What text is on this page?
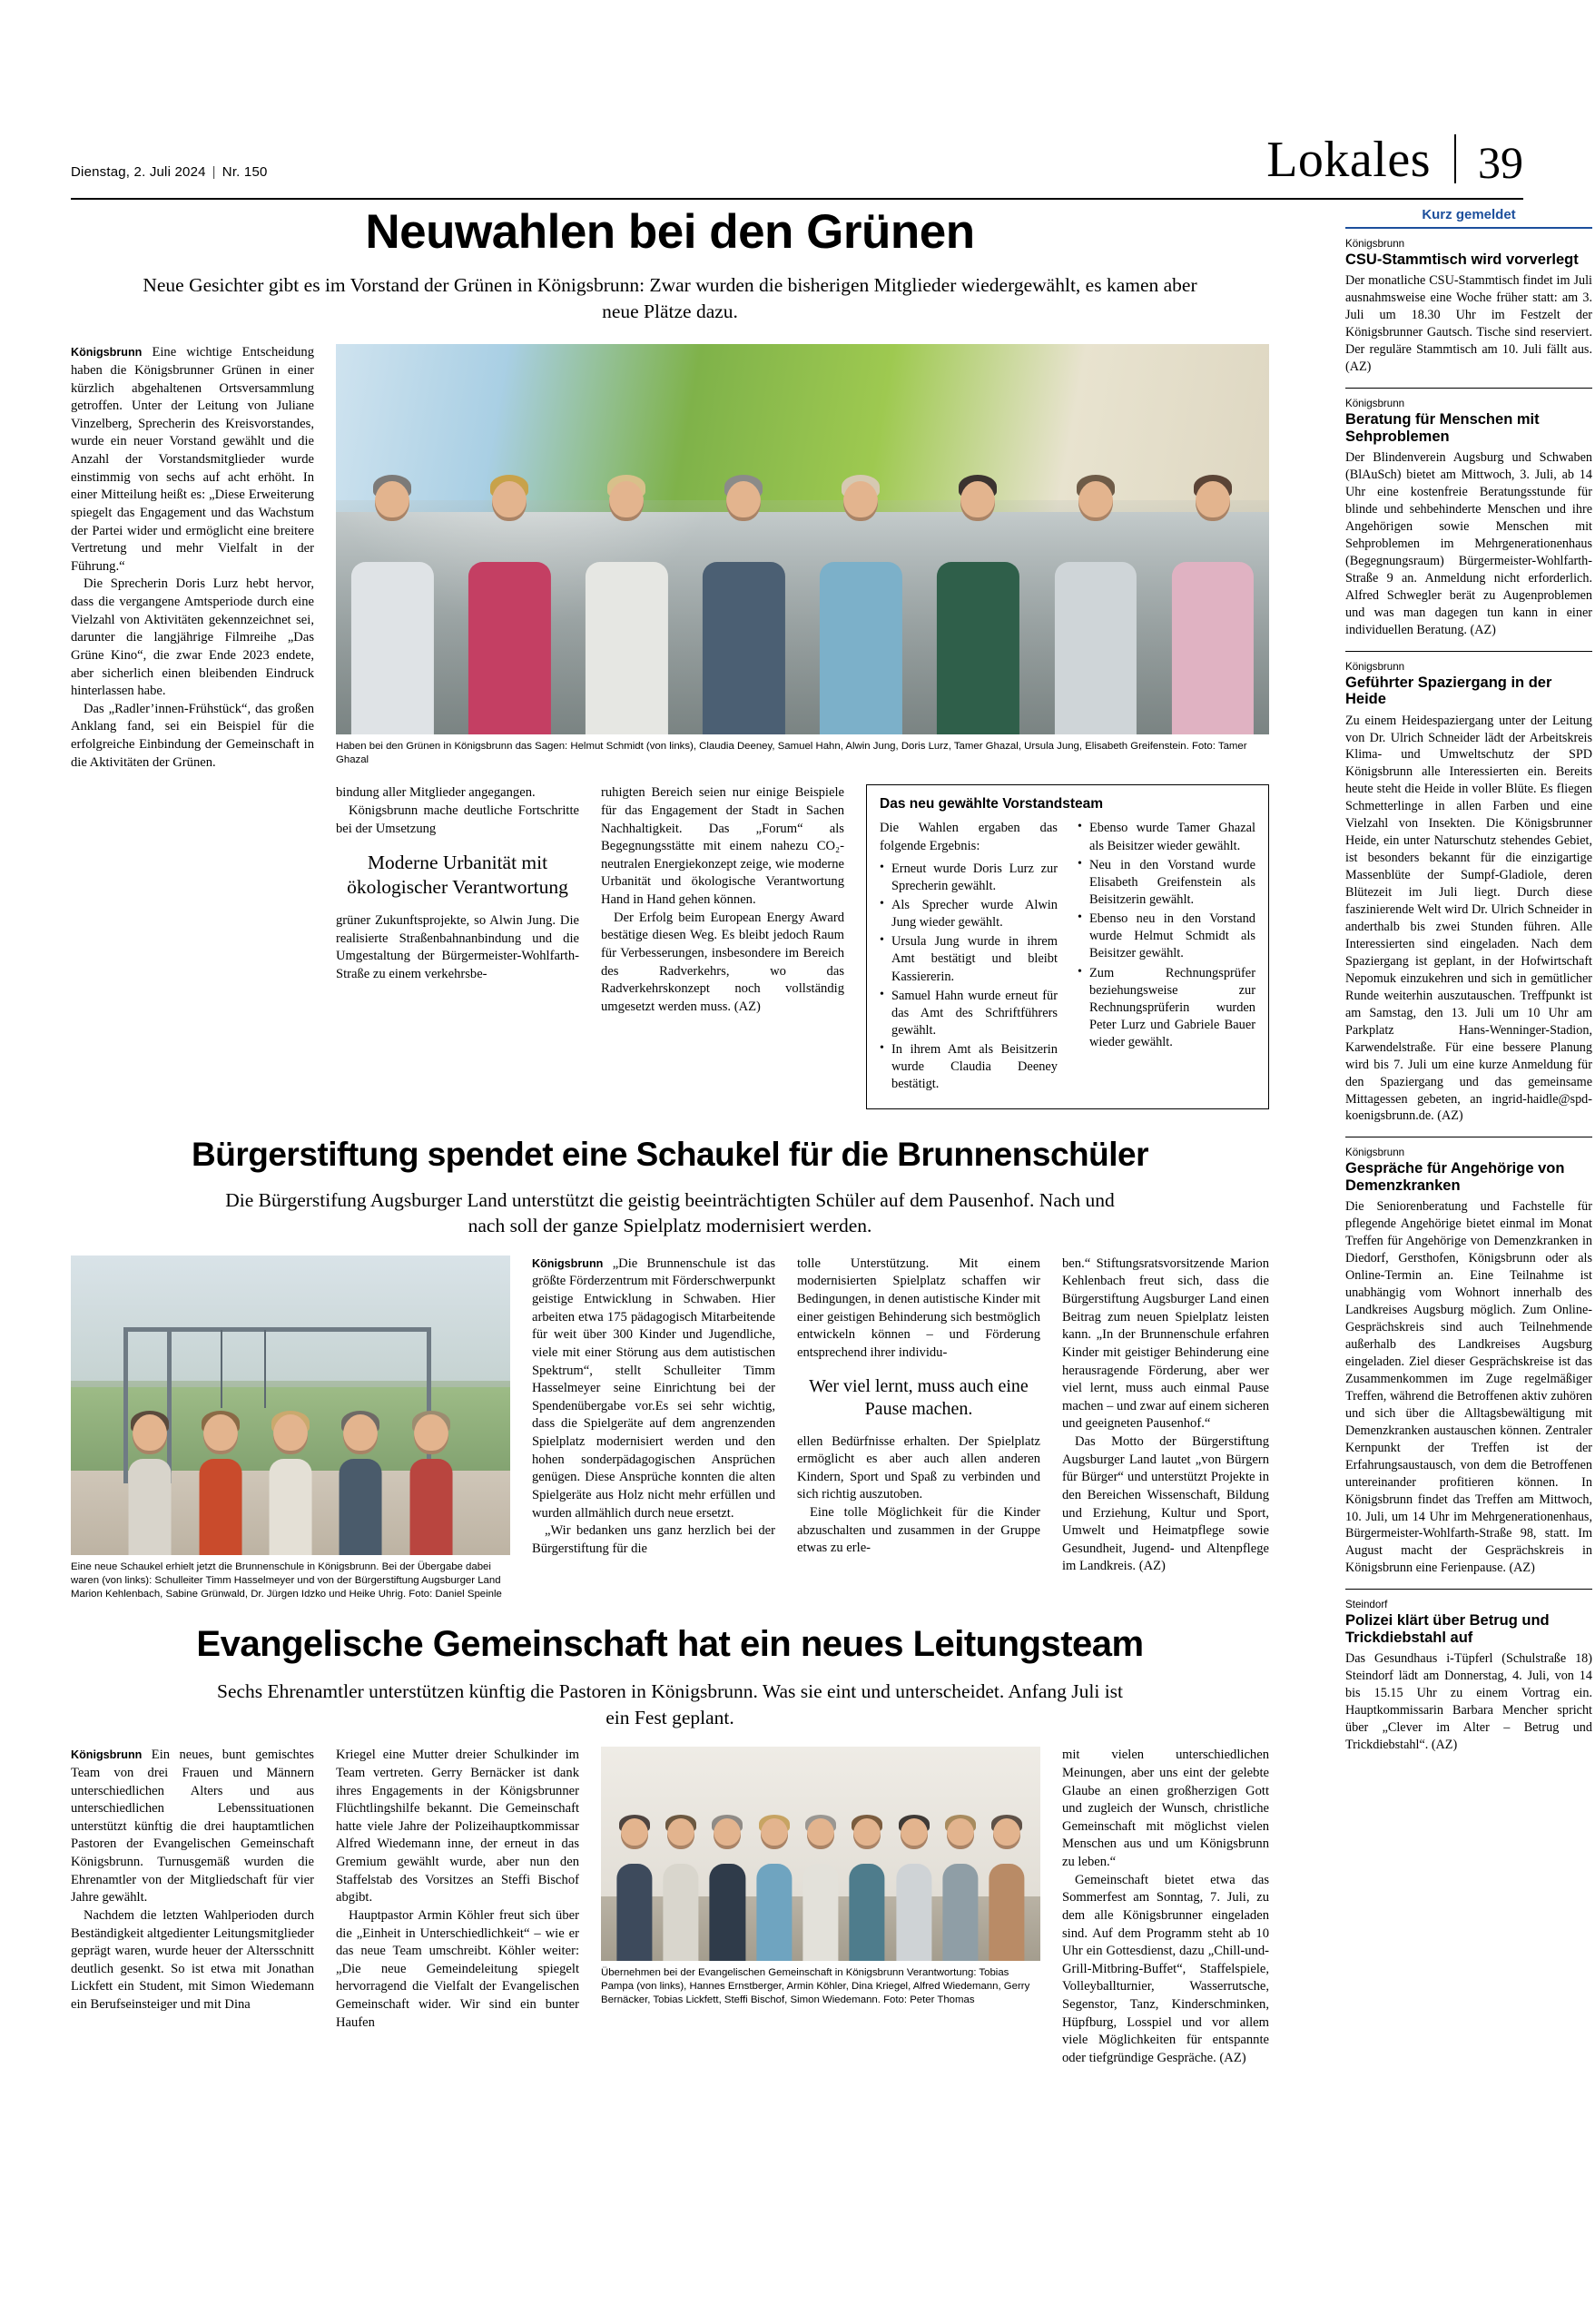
Dienstag, 2. Juli 2024 | Nr. 150	Lokales 39
Neuwahlen bei den Grünen
Neue Gesichter gibt es im Vorstand der Grünen in Königsbrunn: Zwar wurden die bisherigen Mitglieder wiedergewählt, es kamen aber neue Plätze dazu.

Königsbrunn Eine wichtige Entscheidung haben die Königsbrunner Grünen in einer kürzlich abgehaltenen Ortsversammlung getroffen. Unter der Leitung von Juliane Vinzelberg, Sprecherin des Kreisvorstandes, wurde ein neuer Vorstand gewählt und die Anzahl der Vorstandsmitglieder wurde einstimmig von sechs auf acht erhöht. In einer Mitteilung heißt es: „Diese Erweiterung spiegelt das Engagement und das Wachstum der Partei wider und ermöglicht eine breitere Vertretung und mehr Vielfalt in der Führung.“

Die Sprecherin Doris Lurz hebt hervor, dass die vergangene Amtsperiode durch eine Vielzahl von Aktivitäten gekennzeichnet sei, darunter die langjährige Filmreihe „Das Grüne Kino“, die zwar Ende 2023 endete, aber sicherlich einen bleibenden Eindruck hinterlassen habe.

Das „Radler’innen-Frühstück“, das großen Anklang fand, sei ein Beispiel für die erfolgreiche Einbindung der Gemeinschaft in die Aktivitäten der Grünen.

Haben bei den Grünen in Königsbrunn das Sagen: Helmut Schmidt (von links), Claudia Deeney, Samuel Hahn, Alwin Jung, Doris Lurz, Tamer Ghazal, Ursula Jung, Elisabeth Greifenstein. Foto: Tamer Ghazal

bindung aller Mitglieder angegangen.

Königsbrunn mache deutliche Fortschritte bei der Umsetzung

Moderne Urbanität mit ökologischer Verantwortung

grüner Zukunftsprojekte, so Alwin Jung. Die realisierte Straßenbahnanbindung und die Umgestaltung der Bürgermeister-Wohlfarth-Straße zu einem verkehrsbe-

ruhigten Bereich seien nur einige Beispiele für das Engagement der Stadt in Sachen Nachhaltigkeit. Das „Forum“ als Begegnungsstätte mit einem nahezu CO₂-neutralen Energiekonzept zeige, wie moderne Urbanität und ökologische Verantwortung Hand in Hand gehen können.

Der Erfolg beim European Energy Award bestätige diesen Weg. Es bleibt jedoch Raum für Verbesserungen, insbesondere im Bereich des Radverkehrs, wo das Radverkehrskonzept noch vollständig umgesetzt werden muss. (AZ)

Das neu gewählte Vorstandsteam

Die Wahlen ergaben das folgende Ergebnis:

• Erneut wurde Doris Lurz zur Sprecherin gewählt.
• Als Sprecher wurde Alwin Jung wieder gewählt.
• Ursula Jung wurde in ihrem Amt bestätigt und bleibt Kassiererin.
• Samuel Hahn wurde erneut für das Amt des Schriftführers gewählt.
• In ihrem Amt als Beisitzerin wurde Claudia Deeney bestätigt.
• Ebenso wurde Tamer Ghazal als Beisitzer wieder gewählt.
• Neu in den Vorstand wurde Elisabeth Greifenstein als Beisitzerin gewählt.
• Ebenso neu in den Vorstand wurde Helmut Schmidt als Beisitzer gewählt.
• Zum Rechnungsprüfer beziehungsweise zur Rechnungsprüferin wurden Peter Lurz und Gabriele Bauer wieder gewählt.
Bürgerstiftung spendet eine Schaukel für die Brunnenschüler
Die Bürgerstifung Augsburger Land unterstützt die geistig beeinträchtigten Schüler auf dem Pausenhof. Nach und nach soll der ganze Spielplatz modernisiert werden.
Eine neue Schaukel erhielt jetzt die Brunnenschule in Königsbrunn. Bei der Übergabe dabei waren (von links): Schulleiter Timm Hasselmeyer und von der Bürgerstiftung Augsburger Land Marion Kehlenbach, Sabine Grünwald, Dr. Jürgen Idzko und Heike Uhrig. Foto: Daniel Speinle

Königsbrunn „Die Brunnenschule ist das größte Förderzentrum mit Förderschwerpunkt geistige Entwicklung in Schwaben. Hier arbeiten etwa 175 pädagogisch Mitarbeitende für weit über 300 Kinder und Jugendliche, viele mit einer Störung aus dem autistischen Spektrum“, stellt Schulleiter Timm Hasselmeyer seine Einrichtung bei der Spendenübergabe vor.Es sei sehr wichtig, dass die Spielgeräte auf dem angrenzenden Spielplatz modernisiert werden und den hohen sonderpädagogischen Ansprüchen genügen. Diese Ansprüche konnten die alten Spielgeräte aus Holz nicht mehr erfüllen und wurden allmählich durch neue ersetzt.

„Wir bedanken uns ganz herzlich bei der Bürgerstiftung für die

tolle Unterstützung. Mit einem modernisierten Spielplatz schaffen wir Bedingungen, in denen autistische Kinder mit einer geistigen Behinderung sich bestmöglich entwickeln können – und Förderung entsprechend ihrer individu-

Wer viel lernt, muss auch eine Pause machen.

ellen Bedürfnisse erhalten. Der Spielplatz ermöglicht es aber auch allen anderen Kindern, Sport und Spaß zu verbinden und sich richtig auszutoben.

Eine tolle Möglichkeit für die Kinder abzuschalten und zusammen in der Gruppe etwas zu erle-

ben.“ Stiftungsratsvorsitzende Marion Kehlenbach freut sich, dass die Bürgerstiftung Augsburger Land einen Beitrag zum neuen Spielplatz leisten kann. „In der Brunnenschule erfahren Kinder mit geistiger Behinderung eine herausragende Förderung, aber wer viel lernt, muss auch einmal Pause machen – und zwar auf einem sicheren und geeigneten Pausenhof.“

Das Motto der Bürgerstiftung Augsburger Land lautet „von Bürgern für Bürger“ und unterstützt Projekte in den Bereichen Wissenschaft, Bildung und Erziehung, Kultur und Sport, Umwelt und Heimatpflege sowie Gesundheit, Jugend- und Altenpflege im Landkreis. (AZ)

Evangelische Gemeinschaft hat ein neues Leitungsteam
Sechs Ehrenamtler unterstützen künftig die Pastoren in Königsbrunn. Was sie eint und unterscheidet. Anfang Juli ist ein Fest geplant.

Königsbrunn Ein neues, bunt gemischtes Team von drei Frauen und Männern unterschiedlichen Alters und aus unterschiedlichen Lebenssituationen unterstützt künftig die drei hauptamtlichen Pastoren der Evangelischen Gemeinschaft Königsbrunn. Turnusgemäß wurden die Ehrenamtler von der Mitgliedschaft für vier Jahre gewählt.

Nachdem die letzten Wahlperioden durch Beständigkeit altgedienter Leitungsmitglieder geprägt waren, wurde heuer der Altersschnitt deutlich gesenkt. So ist etwa mit Jonathan Lickfett ein Student, mit Simon Wiedemann ein Berufseinsteiger und mit Dina

Kriegel eine Mutter dreier Schulkinder im Team vertreten. Gerry Bernäcker ist dank ihres Engagements in der Königsbrunner Flüchtlingshilfe bekannt. Die Gemeinschaft hatte viele Jahre der Polizeihauptkommissar Alfred Wiedemann inne, der erneut in das Gremium gewählt wurde, aber nun den Staffelstab des Vorsitzes an Steffi Bischof abgibt.

Hauptpastor Armin Köhler freut sich über die „Einheit in Unterschiedlichkeit“ – wie er das neue Team umschreibt. Köhler weiter: „Die neue Gemeindeleitung spiegelt hervorragend die Vielfalt der Evangelischen Gemeinschaft wider. Wir sind ein bunter Haufen

Übernehmen bei der Evangelischen Gemeinschaft in Königsbrunn Verantwortung: Tobias Pampa (von links), Hannes Ernstberger, Armin Köhler, Dina Kriegel, Alfred Wiedemann, Gerry Bernäcker, Tobias Lickfett, Steffi Bischof, Simon Wiedemann. Foto: Peter Thomas

mit vielen unterschiedlichen Meinungen, aber uns eint der gelebte Glaube an einen großherzigen Gott und zugleich der Wunsch, christliche Gemeinschaft mit möglichst vielen Menschen aus und um Königsbrunn zu leben.“

Gemeinschaft bietet etwa das Sommerfest am Sonntag, 7. Juli, zu dem alle Königsbrunner eingeladen sind. Auf dem Programm steht ab 10 Uhr ein Gottesdienst, dazu „Chill-und-Grill-Mitbring-Buffet“, Staffelspiele, Volleyballturnier, Wasserrutsche, Segenstor, Tanz, Kinderschminken, Hüpfburg, Losspiel und vor allem viele Möglichkeiten für entspannte oder tiefgründige Gespräche. (AZ)

Kurz gemeldet
Königsbrunn
CSU-Stammtisch wird vorverlegt

Der monatliche CSU-Stammtisch findet im Juli ausnahmsweise eine Woche früher statt: am 3. Juli um 18.30 Uhr im Festzelt der Königsbrunner Gautsch. Tische sind reserviert. Der reguläre Stammtisch am 10. Juli fällt aus. (AZ)

Königsbrunn
Beratung für Menschen mit Sehproblemen

Der Blindenverein Augsburg und Schwaben (BlAuSch) bietet am Mittwoch, 3. Juli, ab 14 Uhr eine kostenfreie Beratungsstunde für blinde und sehbehinderte Menschen und ihre Angehörigen sowie Menschen mit Sehproblemen im Mehrgenerationenhaus (Begegnungsraum) Bürgermeister-Wohlfarth-Straße 9 an. Anmeldung nicht erforderlich. Alfred Schwegler berät zu Augenproblemen und was man dagegen tun kann in einer individuellen Beratung. (AZ)

Königsbrunn
Geführter Spaziergang in der Heide

Zu einem Heidespaziergang unter der Leitung von Dr. Ulrich Schneider lädt der Arbeitskreis Klima- und Umweltschutz der SPD Königsbrunn alle Interessierten ein. Bereits heute steht die Heide in voller Blüte. Es fliegen Schmetterlinge in allen Farben und eine Vielzahl von Insekten. Die Königsbrunner Heide, ein unter Naturschutz stehendes Gebiet, ist besonders bekannt für die einzigartige Massenblüte der Sumpf-Gladiole, deren Blütezeit im Juli liegt. Durch diese faszinierende Welt wird Dr. Ulrich Schneider in anderthalb bis zwei Stunden führen. Alle Interessierten sind eingeladen. Nach dem Spaziergang ist geplant, in der Hofwirtschaft Nepomuk einzukehren und sich in gemütlicher Runde weiterhin auszutauschen. Treffpunkt ist am Samstag, den 13. Juli um 10 Uhr am Parkplatz Hans-Wenninger-Stadion, Karwendelstraße. Für eine bessere Planung wird bis 7. Juli um eine kurze Anmeldung für den Spaziergang und das gemeinsame Mittagessen gebeten, an ingrid-haidle@spd-koenigsbrunn.de. (AZ)

Königsbrunn
Gespräche für Angehörige von Demenzkranken

Die Seniorenberatung und Fachstelle für pflegende Angehörige bietet einmal im Monat Treffen für Angehörige von Demenzkranken in Diedorf, Gersthofen, Königsbrunn oder als Online-Termin an. Eine Teilnahme ist unabhängig vom Wohnort innerhalb des Landkreises Augsburg möglich. Zum Online-Gesprächskreis sind auch Teilnehmende außerhalb des Landkreises Augsburg eingeladen. Ziel dieser Gesprächskreise ist das Zusammenkommen im Zuge regelmäßiger Treffen, während die Betroffenen aktiv zuhören und sich über die Alltagsbewältigung mit Demenzkranken austauschen können. Zentraler Kernpunkt der Treffen ist der Erfahrungsaustausch, von dem die Betroffenen untereinander profitieren können. In Königsbrunn findet das Treffen am Mittwoch, 10. Juli, um 14 Uhr im Mehrgenerationenhaus, Bürgermeister-Wohlfarth-Straße 98, statt. Im August macht der Gesprächskreis in Königsbrunn eine Ferienpause. (AZ)

Steindorf
Polizei klärt über Betrug und Trickdiebstahl auf

Das Gesundhaus i-Tüpferl (Schulstraße 18) Steindorf lädt am Donnerstag, 4. Juli, von 14 bis 15.15 Uhr zu einem Vortrag ein. Hauptkommissarin Barbara Mencher spricht über „Clever im Alter – Betrug und Trickdiebstahl“. (AZ)
